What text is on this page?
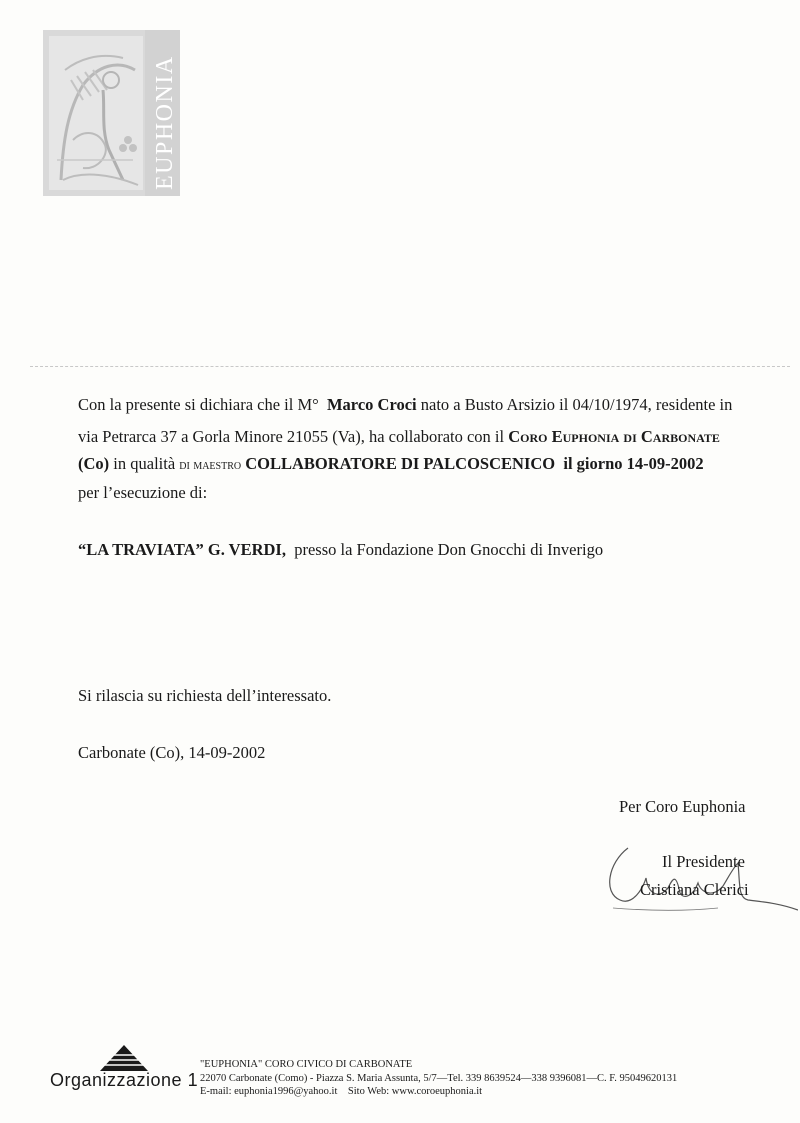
EUPHONIA
Con la presente si dichiara che il M° Marco Croci nato a Busto Arsizio il 04/10/1974, residente in
via Petrarca 37 a Gorla Minore 21055 (Va), ha collaborato con il Coro Euphonia di Carbonate
(Co) in qualità di maestro COLLABORATORE DI PALCOSCENICO il giorno 14-09-2002
per l’esecuzione di:
“LA TRAVIATA” G. VERDI, presso la Fondazione Don Gnocchi di Inverigo
Si rilascia su richiesta dell’interessato.
Carbonate (Co), 14-09-2002
Per Coro Euphonia
Il Presidente
Cristiana Clerici
Organizzazione 1
"EUPHONIA" CORO CIVICO DI CARBONATE
22070 Carbonate (Como) - Piazza S. Maria Assunta, 5/7—Tel. 339 8639524—338 9396081—C. F. 95049620131
E-mail: euphonia1996@yahoo.it Sito Web: www.coroeuphonia.it
